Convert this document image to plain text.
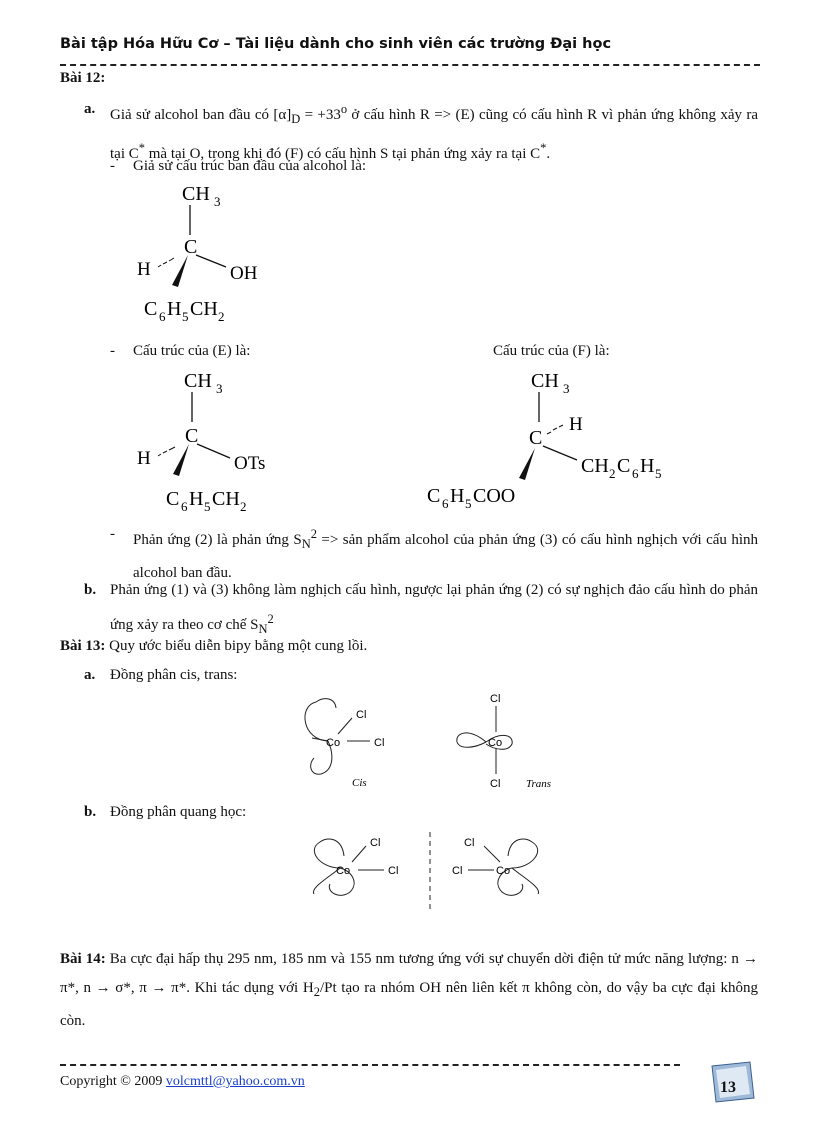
Bài tập Hóa Hữu Cơ – Tài liệu dành cho sinh viên các trường Đại học
Bài 12:
a. Giả sử alcohol ban đầu có $[\alpha]_D = +33^o$ ở cấu hình R => (E) cũng có cấu hình R vì phản ứng không xảy ra tại C* mà tại O, trong khi đó (F) có cấu hình S tại phản ứng xảy ra tại C*.
- Giả sử cấu trúc ban đầu của alcohol là:
CH 3
C
H	OH
C 6 H 5 CH 2
- Cấu trúc của (E) là:	Cấu trúc của (F) là:
CH 3
C
H	OTs
C 6 H 5 CH 2
CH 3
C
H
CH 2 C 6 H 5
C 6 H 5 COO
- Phản ứng (2) là phản ứng $S_N^2$ => sản phẩm alcohol của phản ứng (3) có cấu hình nghịch với cấu hình alcohol ban đầu.
b. Phản ứng (1) và (3) không làm nghịch cấu hình, ngược lại phản ứng (2) có sự nghịch đảo cấu hình do phản ứng xảy ra theo cơ chế $S_N^2$
Bài 13: Quy ước biểu diễn bipy bằng một cung lồi.
a. Đồng phân cis, trans:
Co
Cl
Cl
Cis
Cl
Co
Cl Trans
b. Đồng phân quang học:
Co
Cl
Cl
Cl
Cl	Co
Bài 14: Ba cực đại hấp thụ 295 nm, 185 nm và 155 nm tương ứng với sự chuyển dời điện tử mức năng lượng: n → π*, n → σ*, π → π*. Khi tác dụng với $H_2/Pt$ tạo ra nhóm OH nên liên kết π không còn, do vậy ba cực đại không còn.
Copyright © 2009 volcmttl@yahoo.com.vn	13
